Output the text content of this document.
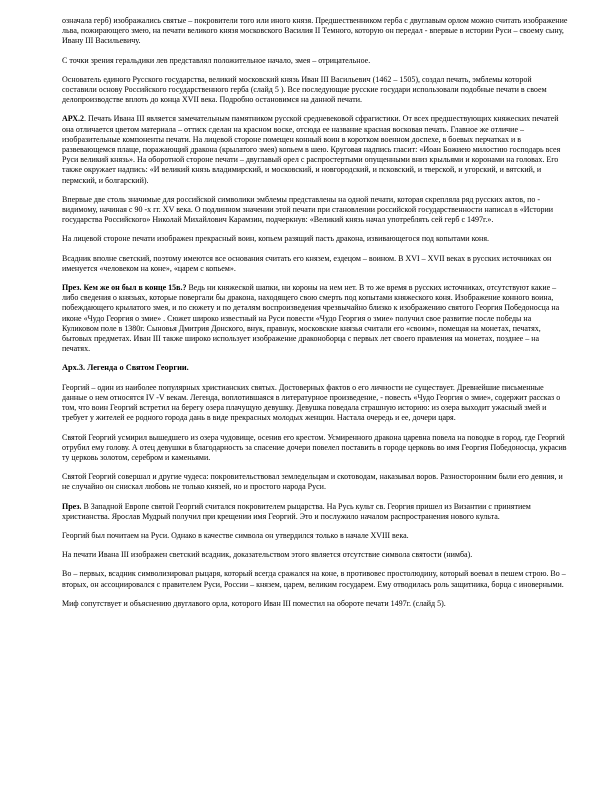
означала герб) изображались святые – покровители того или иного князя. Предшественником герба с двуглавым орлом можно считать изображение льва, пожирающего змею, на печати великого князя московского Василия II Темного, которую он передал - впервые в истории Руси – своему сыну, Ивану III Васильевичу.

С точки зрения геральдики лев представлял положительное начало, змея – отрицательное.

Основатель единого Русского государства, великий московский князь Иван III Васильевич (1462 – 1505), создал печать, эмблемы которой составили основу Российского государственного герба (слайд 5 ). Все последующие русские государи использовали подобные печати в своем делопроизводстве вплоть до конца XVII века. Подробно остановимся на данной печати.

АРХ.2. Печать Ивана III является замечательным памятником русской средневековой сфрагистики. От всех предшествующих княжеских печатей она отличается цветом материала – оттиск сделан на красном воске, отсюда ее название красная восковая печать. Главное же отличие – изобразительные компоненты печати. На лицевой стороне помещен конный воин в коротком военном доспехе, в боевых перчатках и в развевающемся плаще, поражающий дракона (крылатого змея) копьем в шею. Круговая надпись гласит: «Иоан Божиею милостию господарь всея Руси великий князь». На оборотной стороне печати – двуглавый орел с распростертыми опущенными вниз крыльями и коронами на головах. Его также окружает надпись: «И великий князь владимирский, и московский, и новгородский, и псковский, и тверской, и угорский, и вятский, и пермский, и болгарский).

Впервые две столь значимые для российской символики эмблемы представлены на одной печати, которая скрепляла ряд русских актов, по - видимому, начиная с 90 -х гг. XV века. О подлинном значении этой печати при становлении российской государственности написал в «Истории государства Российского» Николай Михайлович Карамзин, подчеркнув: «Великий князь начал употреблять сей герб с 1497г.».

На лицевой стороне печати изображен прекрасный воин, копьем разящий пасть дракона, извивающегося под копытами коня.

Всадник вполне светский, поэтому имеются все основания считать его князем, ездецом – воином. В XVI – XVII веках в русских источниках он именуется «человеком на коне», «царем с копьем».

През. Кем же он был в конце 15в.? Ведь ни княжеской шапки, ни короны на нем нет. В то же время в русских источниках, отсутствуют какие – либо сведения о князьях, которые повергали бы дракона, находящего свою смерть под копытами княжеского коня. Изображение конного воина, побеждающего крылатого змея, и по сюжету и по деталям воспроизведения чрезвычайно близко к изображению святого Георгия Победоносца на иконе «Чудо Георгия о змие» . Сюжет широко известный на Руси повести «Чудо Георгия о змие» получил свое развитие после победы на Куликовом поле в 1380г. Сыновья Дмитрия Донского, внук, правнук, московские князья считали его «своим», помещая на монетах, печатях, бытовых предметах. Иван III также широко использует изображение драконоборца с первых лет своего правления на монетах, позднее – на печатях.

Арх.3. Легенда о Святом Георгии.

Георгий – один из наиболее популярных христианских святых. Достоверных фактов о его личности не существует. Древнейшие письменные данные о нем относятся IV -V векам. Легенда, воплотившаяся в литературное произведение, - повесть «Чудо Георгия о змие», содержит рассказ о том, что воин Георгий встретил на берегу озера плачущую девушку. Девушка поведала страшную историю: из озера выходит ужасный змей и требует у жителей ее родного города дань в виде прекрасных молодых женщин. Настала очередь и ее, дочери царя.

Святой Георгий усмирил вышедшего из озера чудовище, осенив его крестом. Усмиренного дракона царевна повела на поводке в город, где Георгий отрубил ему голову. А отец девушки в благодарность за спасение дочери повелел поставить в городе церковь во имя Георгия Победоносца, украсив ту церковь золотом, серебром и каменьями.

Святой Георгий совершал и другие чудеса: покровительствовал земледельцам и скотоводам, наказывал воров. Разносторонним были его деяния, и не случайно он снискал любовь не только князей, но и простого народа Руси.

През. В Западной Европе святой Георгий считался покровителем рыцарства. На Русь культ св. Георгия пришел из Византии с принятием христианства. Ярослав Мудрый получил при крещении имя Георгий. Это и послужило началом распространения нового культа.

Георгий был почитаем на Руси. Однако в качестве символа он утвердился только в начале XVIII века.

На печати Ивана III изображен светский всадник, доказательством этого является отсутствие символа святости (нимба).

Во – первых, всадник символизировал рыцаря, который всегда сражался на коне, в противовес простолюдину, который воевал в пешем строю. Во – вторых, он ассоциировался с правителем Руси, России – князем, царем, великим государем. Ему отводилась роль защитника, борца с иноверными.

Миф сопутствует и объяснению двуглавого орла, которого Иван III поместил на обороте печати 1497г. (слайд 5).
